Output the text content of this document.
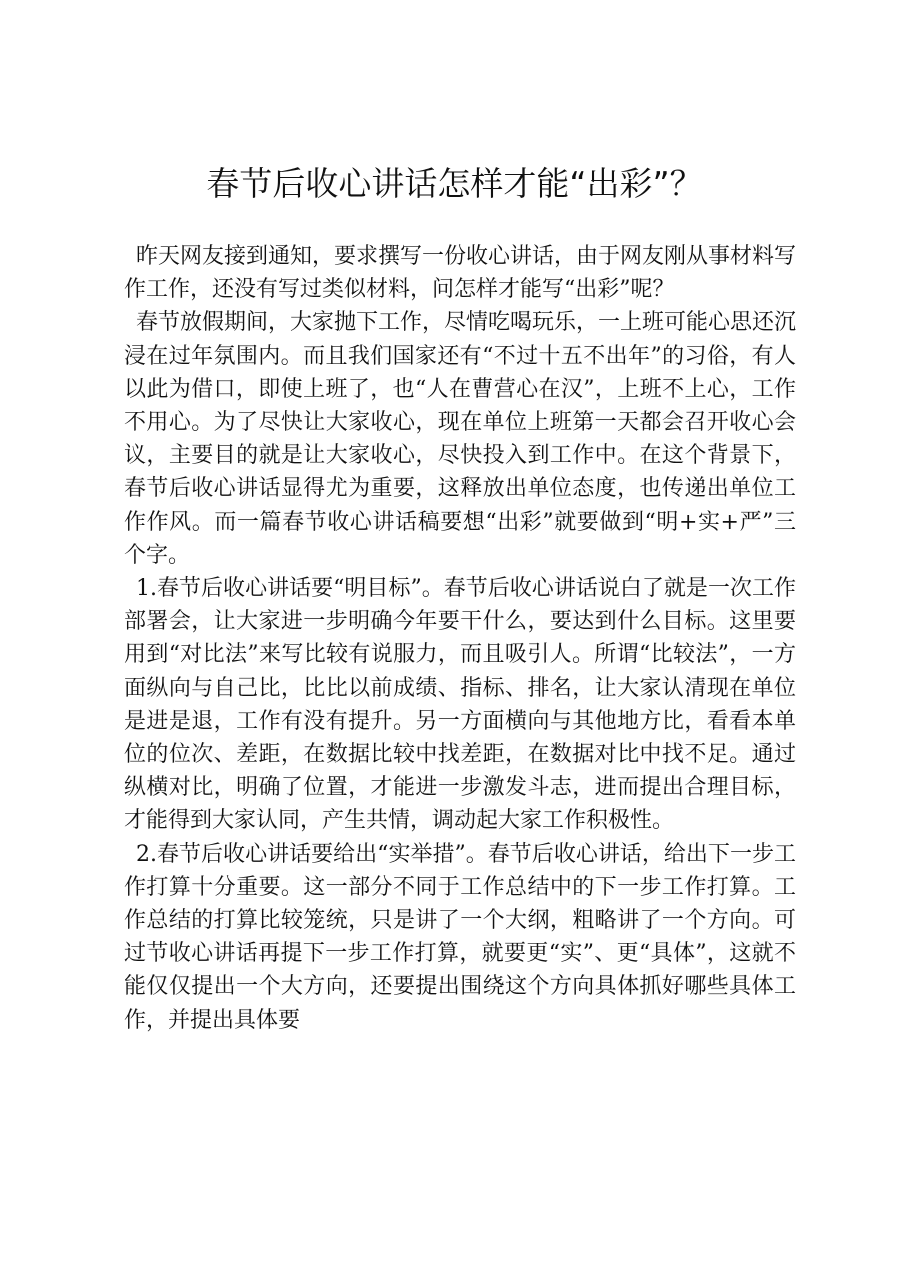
春节后收心讲话怎样才能“出彩”？

昨天网友接到通知，要求撰写一份收心讲话，由于网友刚从事材料写作工作，还没有写过类似材料，问怎样才能写“出彩”呢？

春节放假期间，大家抛下工作，尽情吃喝玩乐，一上班可能心思还沉浸在过年氛围内。而且我们国家还有“不过十五不出年”的习俗，有人以此为借口，即使上班了，也“人在曹营心在汉”，上班不上心，工作不用心。为了尽快让大家收心，现在单位上班第一天都会召开收心会议，主要目的就是让大家收心，尽快投入到工作中。在这个背景下，春节后收心讲话显得尤为重要，这释放出单位态度，也传递出单位工作作风。而一篇春节收心讲话稿要想“出彩”就要做到“明+实+严”三个字。

1.春节后收心讲话要“明目标”。春节后收心讲话说白了就是一次工作部署会，让大家进一步明确今年要干什么，要达到什么目标。这里要用到“对比法”来写比较有说服力，而且吸引人。所谓“比较法”，一方面纵向与自己比，比比以前成绩、指标、排名，让大家认清现在单位是进是退，工作有没有提升。另一方面横向与其他地方比，看看本单位的位次、差距，在数据比较中找差距，在数据对比中找不足。通过纵横对比，明确了位置，才能进一步激发斗志，进而提出合理目标，才能得到大家认同，产生共情，调动起大家工作积极性。

2.春节后收心讲话要给出“实举措”。春节后收心讲话，给出下一步工作打算十分重要。这一部分不同于工作总结中的下一步工作打算。工作总结的打算比较笼统，只是讲了一个大纲，粗略讲了一个方向。可过节收心讲话再提下一步工作打算，就要更“实”、更“具体”，这就不能仅仅提出一个大方向，还要提出围绕这个方向具体抓好哪些具体工作，并提出具体要
